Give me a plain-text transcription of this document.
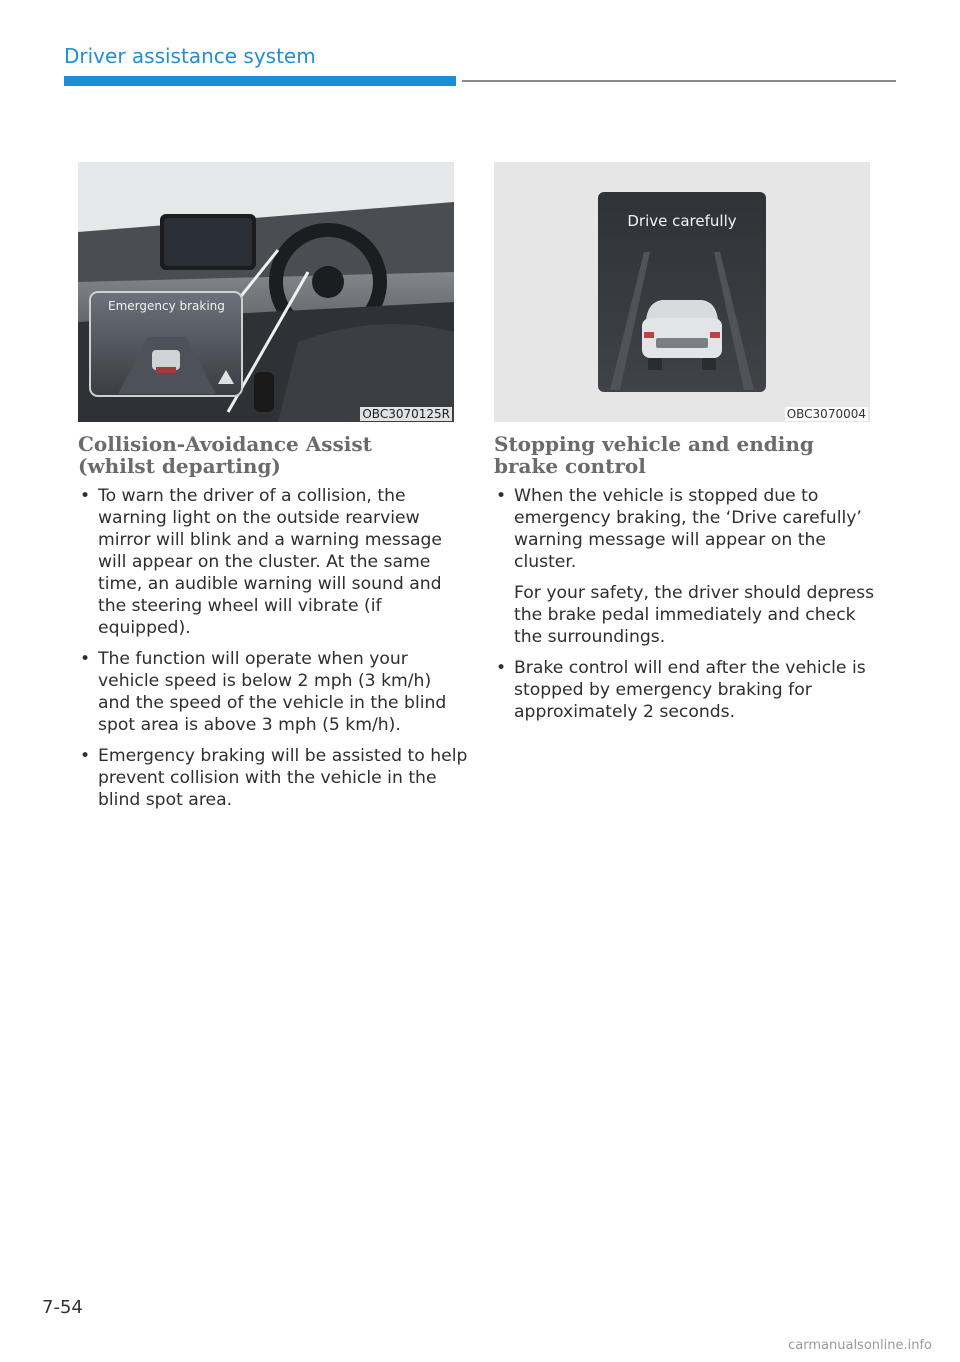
Driver assistance system
Emergency braking
OBC3070125R
Drive carefully
OBC3070004
Collision-Avoidance Assist (whilst departing)
• To warn the driver of a collision, the warning light on the outside rearview mirror will blink and a warning message will appear on the cluster. At the same time, an audible warning will sound and the steering wheel will vibrate (if equipped).

• The function will operate when your vehicle speed is below 2 mph (3 km/h) and the speed of the vehicle in the blind spot area is above 3 mph (5 km/h).

• Emergency braking will be assisted to help prevent collision with the vehicle in the blind spot area.

Stopping vehicle and ending brake control
• When the vehicle is stopped due to emergency braking, the ‘Drive carefully’ warning message will appear on the cluster.

For your safety, the driver should depress the brake pedal immediately and check the surroundings.

• Brake control will end after the vehicle is stopped by emergency braking for approximately 2 seconds.

7-54
carmanualsonline.info
